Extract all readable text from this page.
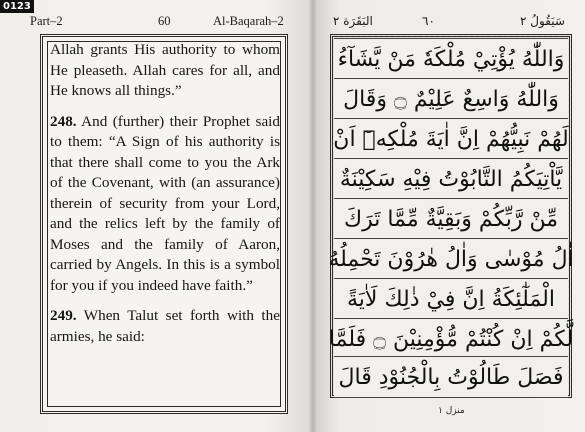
0123
Part–2	60	Al-Baqarah–2

Allah grants His authority to whom He pleaseth. Allah cares for all, and He knows all things.”

248. And (further) their Prophet said to them: “A Sign of his authority is that there shall come to you the Ark of the Covenant, with (an assurance) therein of security from your Lord, and the relics left by the family of Moses and the family of Aaron, carried by Angels. In this is a symbol for you if you indeed have faith.”

249. When Talut set forth with the armies, he said:

البَقَرَة ٢	٦٠	سَيَقُولُ ٢
وَاللّٰهُ يُؤْتِيْ مُلْكَهٗ مَنْ يَّشَآءُ
وَاللّٰهُ وَاسِعٌ عَلِيْمٌ ۝ وَقَالَ
لَهُمْ نَبِيُّهُمْ اِنَّ اٰيَةَ مُلْكِهٖٓ اَنْ
يَّاْتِيَكُمُ التَّابُوْتُ فِيْهِ سَكِيْنَةٌ
مِّنْ رَّبِّكُمْ وَبَقِيَّةٌ مِّمَّا تَرَكَ
اٰلُ مُوْسٰى وَاٰلُ هٰرُوْنَ تَحْمِلُهُ
الْمَلٰٓئِكَةُ اِنَّ فِيْ ذٰلِكَ لَاٰيَةً
لَّكُمْ اِنْ كُنْتُمْ مُّؤْمِنِيْنَ ۝ فَلَمَّا
فَصَلَ طَالُوْتُ بِالْجُنُوْدِ قَالَ
منزل ١
